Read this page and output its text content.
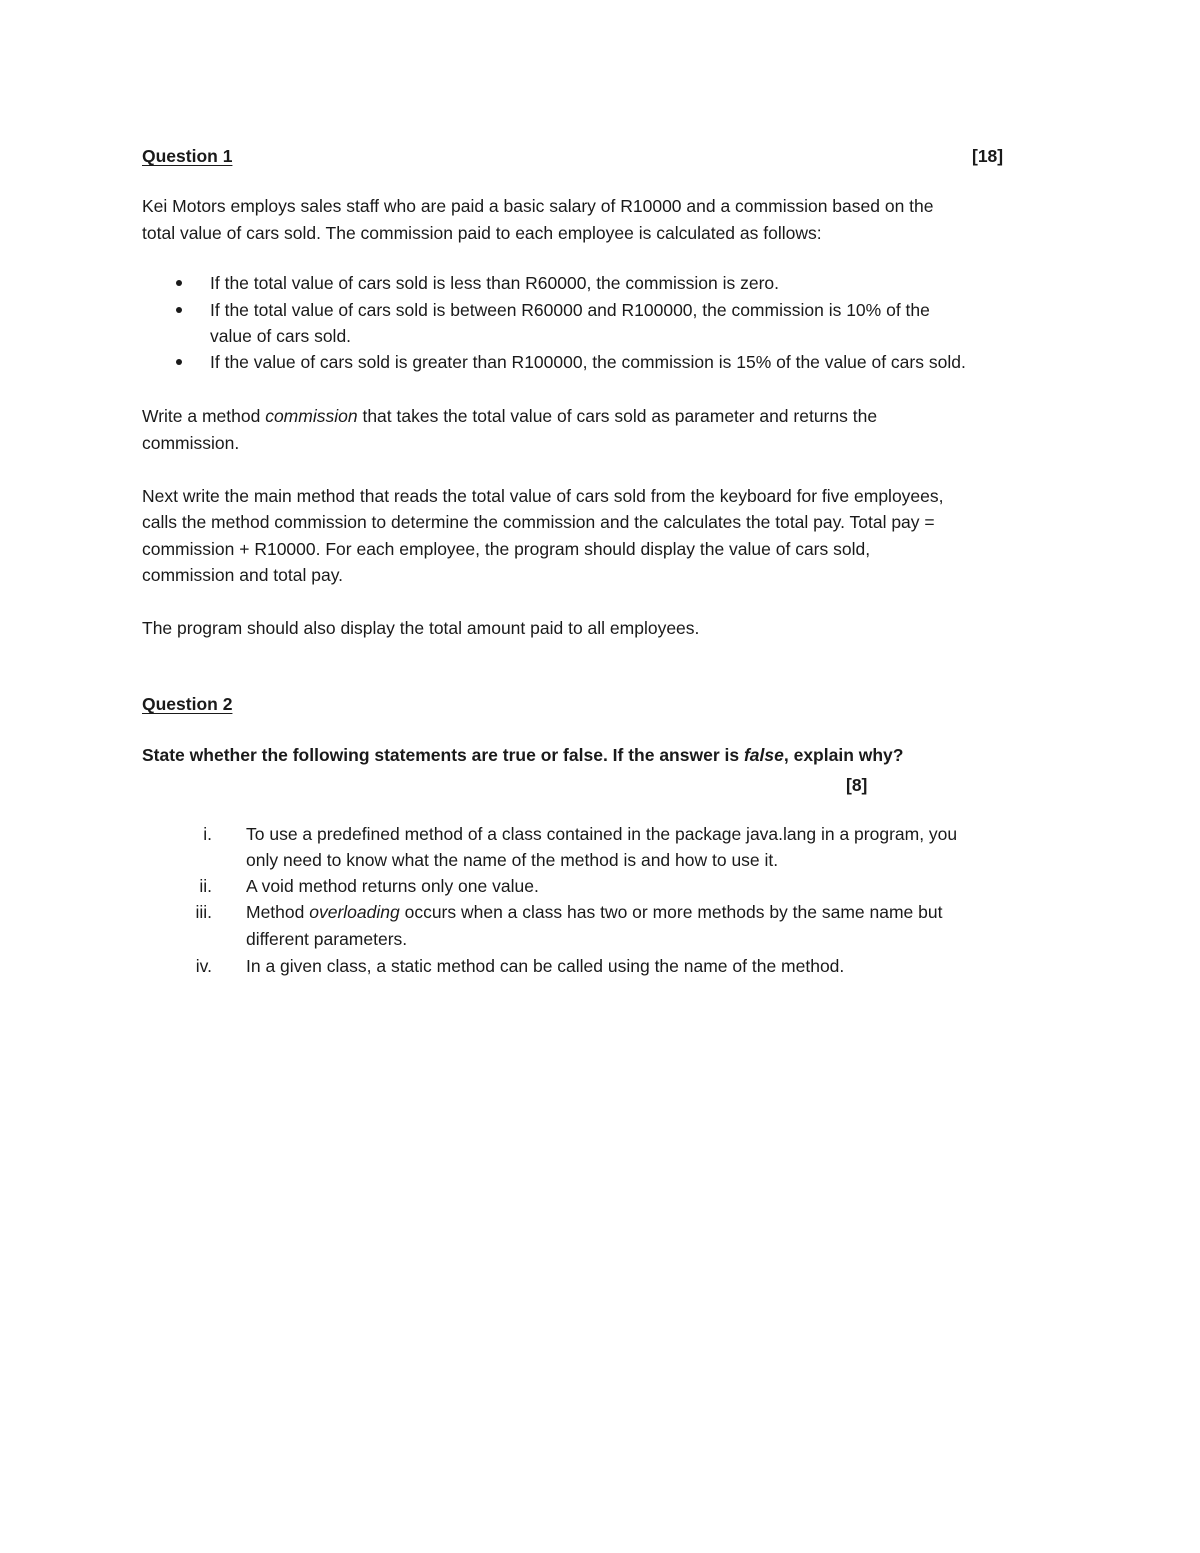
Question 1	[18]
Kei Motors employs sales staff who are paid a basic salary of R10000 and a commission based on the
total value of cars sold. The commission paid to each employee is calculated as follows:
If the total value of cars sold is less than R60000, the commission is zero.
If the total value of cars sold is between R60000 and R100000, the commission is 10% of the
value of cars sold.
If the value of cars sold is greater than R100000, the commission is 15% of the value of cars sold.
Write a method commission that takes the total value of cars sold as parameter and returns the
commission.
Next write the main method that reads the total value of cars sold from the keyboard for five employees,
calls the method commission to determine the commission and the calculates the total pay. Total pay =
commission + R10000. For each employee, the program should display the value of cars sold,
commission and total pay.
The program should also display the total amount paid to all employees.
Question 2
State whether the following statements are true or false. If the answer is false, explain why?
[8]
i. To use a predefined method of a class contained in the package java.lang in a program, you
only need to know what the name of the method is and how to use it.
ii. A void method returns only one value.
iii. Method overloading occurs when a class has two or more methods by the same name but
different parameters.
iv. In a given class, a static method can be called using the name of the method.
